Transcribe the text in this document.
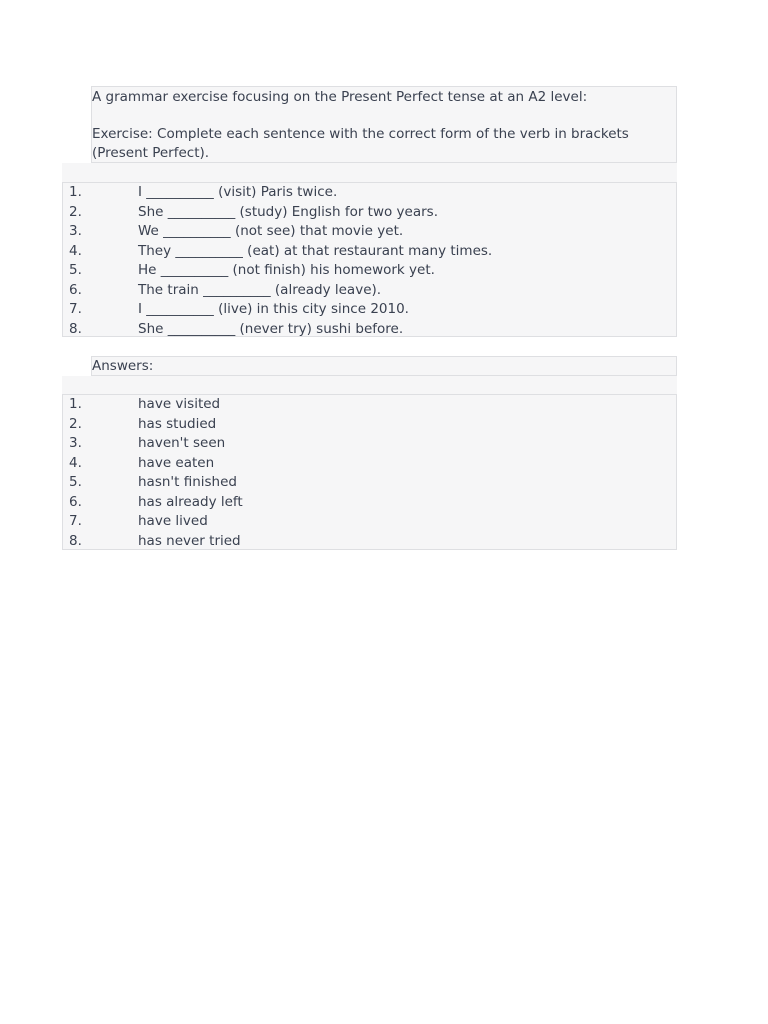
A grammar exercise focusing on the Present Perfect tense at an A2 level:
Exercise: Complete each sentence with the correct form of the verb in brackets
(Present Perfect).
1.	I __________ (visit) Paris twice.
2.	She __________ (study) English for two years.
3.	We __________ (not see) that movie yet.
4.	They __________ (eat) at that restaurant many times.
5.	He __________ (not finish) his homework yet.
6.	The train __________ (already leave).
7.	I __________ (live) in this city since 2010.
8.	She __________ (never try) sushi before.
Answers:
1.	have visited
2.	has studied
3.	haven't seen
4.	have eaten
5.	hasn't finished
6.	has already left
7.	have lived
8.	has never tried
